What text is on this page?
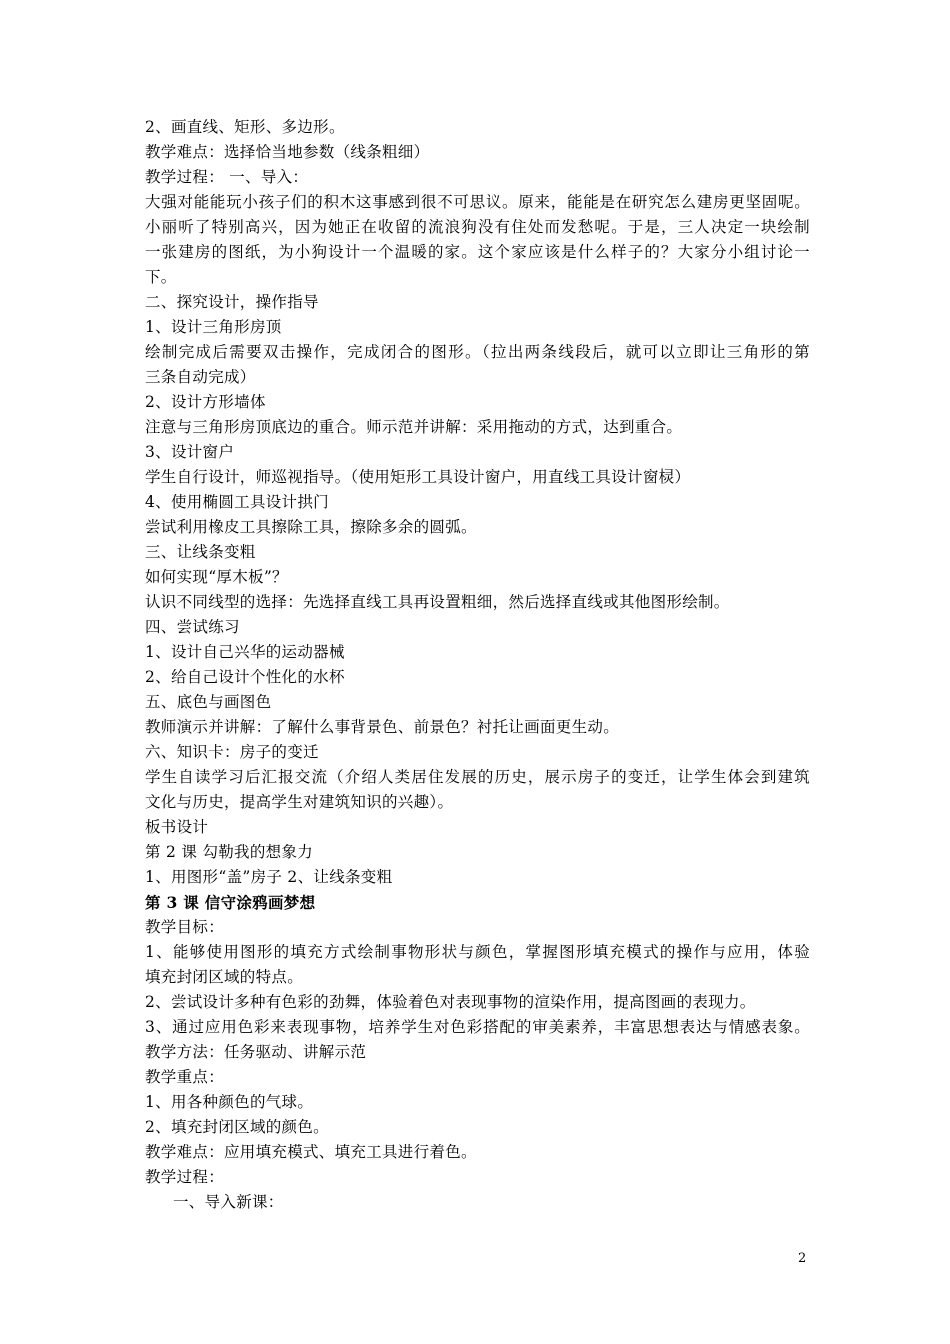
2、画直线、矩形、多边形。
教学难点：选择恰当地参数（线条粗细）
教学过程： 一、导入：
大强对能能玩小孩子们的积木这事感到很不可思议。原来，能能是在研究怎么建房更坚固呢。
小丽听了特别高兴，因为她正在收留的流浪狗没有住处而发愁呢。于是，三人决定一块绘制
一张建房的图纸，为小狗设计一个温暖的家。这个家应该是什么样子的？大家分小组讨论一
下。
二、探究设计，操作指导
1、设计三角形房顶
绘制完成后需要双击操作，完成闭合的图形。（拉出两条线段后，就可以立即让三角形的第
三条自动完成）
2、设计方形墙体
注意与三角形房顶底边的重合。师示范并讲解：采用拖动的方式，达到重合。
3、设计窗户
学生自行设计，师巡视指导。（使用矩形工具设计窗户，用直线工具设计窗棂）
4、使用椭圆工具设计拱门
尝试利用橡皮工具擦除工具，擦除多余的圆弧。
三、让线条变粗
如何实现“厚木板”？
认识不同线型的选择：先选择直线工具再设置粗细，然后选择直线或其他图形绘制。
四、尝试练习
1、设计自己兴华的运动器械
2、给自己设计个性化的水杯
五、底色与画图色
教师演示并讲解：了解什么事背景色、前景色？衬托让画面更生动。
六、知识卡：房子的变迁
学生自读学习后汇报交流（介绍人类居住发展的历史，展示房子的变迁，让学生体会到建筑
文化与历史，提高学生对建筑知识的兴趣）。
板书设计
第 2 课 勾勒我的想象力
1、用图形“盖”房子 2、让线条变粗
第 3 课 信守涂鸦画梦想
教学目标：
1、能够使用图形的填充方式绘制事物形状与颜色，掌握图形填充模式的操作与应用，体验
填充封闭区域的特点。
2、尝试设计多种有色彩的劲舞，体验着色对表现事物的渲染作用，提高图画的表现力。
3、通过应用色彩来表现事物，培养学生对色彩搭配的审美素养，丰富思想表达与情感表象。
教学方法：任务驱动、讲解示范
教学重点：
1、用各种颜色的气球。
2、填充封闭区域的颜色。
教学难点：应用填充模式、填充工具进行着色。
教学过程：
一、导入新课：
2
